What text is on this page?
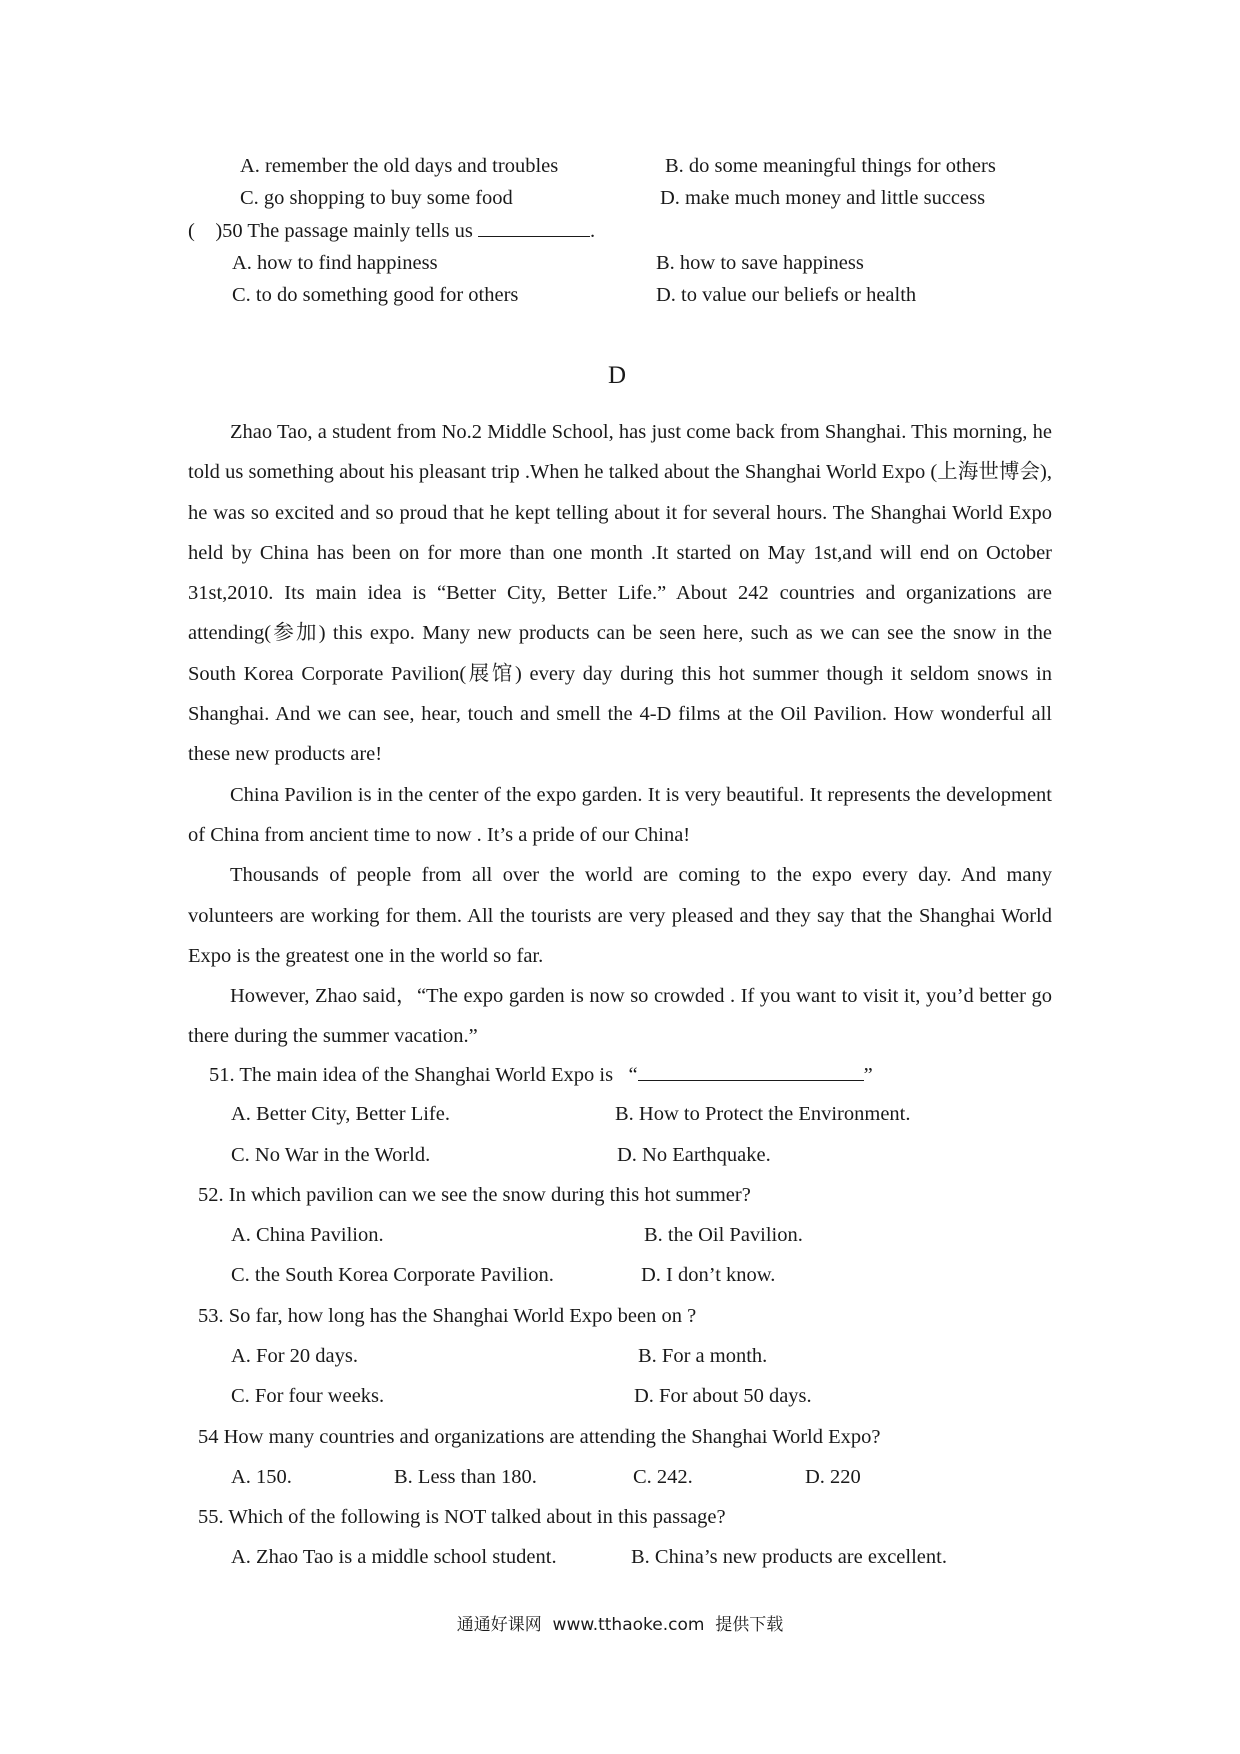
A. remember the old days and troubles	B. do some meaningful things for others
C. go shopping to buy some food	D. make much money and little success
(    )50 The passage mainly tells us	.
A. how to find happiness	B. how to save happiness
C. to do something good for others	D. to value our beliefs or health
D

Zhao Tao, a student from No.2 Middle School, has just come back from Shanghai. This morning, he told us something about his pleasant trip .When he talked about the Shanghai World Expo (上海世博会), he was so excited and so proud that he kept telling about it for several hours. The Shanghai World Expo held by China has been on for more than one month .It started on May 1st,and will end on October 31st,2010. Its main idea is “Better City, Better Life.” About 242 countries and organizations are attending(参加) this expo. Many new products can be seen here, such as we can see the snow in the South Korea Corporate Pavilion(展馆) every day during this hot summer though it seldom snows in Shanghai. And we can see, hear, touch and smell the 4-D films at the Oil Pavilion. How wonderful all these new products are!

China Pavilion is in the center of the expo garden. It is very beautiful. It represents the development of China from ancient time to now . It’s a pride of our China!

Thousands of people from all over the world are coming to the expo every day. And many volunteers are working for them. All the tourists are very pleased and they say that the Shanghai World Expo is the greatest one in the world so far.

However, Zhao said，“The expo garden is now so crowded . If you want to visit it, you’d better go there during the summer vacation.”

51. The main idea of the Shanghai World Expo is   “	”
A. Better City, Better Life.	B. How to Protect the Environment.
C. No War in the World.	D. No Earthquake.
52. In which pavilion can we see the snow during this hot summer?
A. China Pavilion.	B. the Oil Pavilion.
C. the South Korea Corporate Pavilion.	D. I don’t know.
53. So far, how long has the Shanghai World Expo been on ?
A. For 20 days.	B. For a month.
C. For four weeks.	D. For about 50 days.
54 How many countries and organizations are attending the Shanghai World Expo?
A. 150.	B. Less than 180.	C. 242.	D. 220
55. Which of the following is NOT talked about in this passage?
A. Zhao Tao is a middle school student.	B. China’s new products are excellent.
通通好课网  www.tthaoke.com  提供下载
